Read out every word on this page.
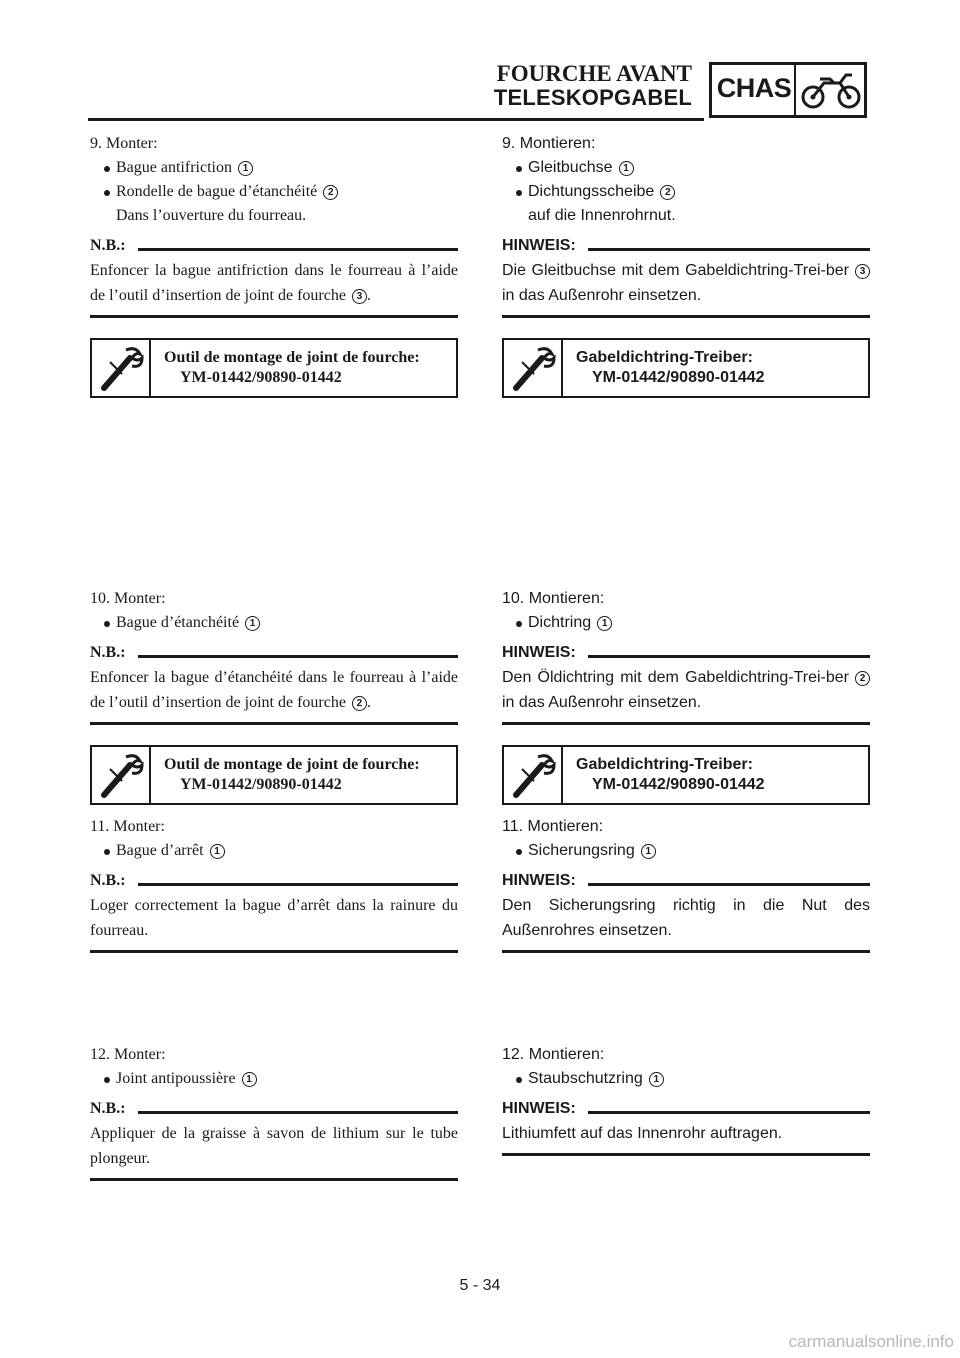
FOURCHE AVANT
TELESKOPGABEL CHAS

9. Monter:

Bague antifriction 1
Rondelle de bague d’étanchéité 2
Dans l’ouverture du fourreau.
N.B.:

Enfoncer la bague antifriction dans le fourreau à l’aide de l’outil d’insertion de joint de fourche 3 .

Outil de montage de joint de fourche:
YM-01442/90890-01442

10. Monter:

Bague d’étanchéité 1
N.B.:

Enfoncer la bague d’étanchéité dans le fourreau à l’aide de l’outil d’insertion de joint de fourche 2 .

Outil de montage de joint de fourche:
YM-01442/90890-01442

11. Monter:

Bague d’arrêt 1
N.B.:

Loger correctement la bague d’arrêt dans la rainure du fourreau.

12. Monter:

Joint antipoussière 1
N.B.:

Appliquer de la graisse à savon de lithium sur le tube plongeur.

9. Montieren:

Gleitbuchse 1
Dichtungsscheibe 2
auf die Innenrohrnut.
HINWEIS:

Die Gleitbuchse mit dem Gabeldichtring-Trei-ber 3 in das Außenrohr einsetzen.

Gabeldichtring-Treiber:
YM-01442/90890-01442

10. Montieren:

Dichtring 1
HINWEIS:

Den Öldichtring mit dem Gabeldichtring-Trei-ber 2 in das Außenrohr einsetzen.

Gabeldichtring-Treiber:
YM-01442/90890-01442

11. Montieren:

Sicherungsring 1
HINWEIS:

Den Sicherungsring richtig in die Nut des Außenrohres einsetzen.

12. Montieren:

Staubschutzring 1
HINWEIS:

Lithiumfett auf das Innenrohr auftragen.

5 - 34
carmanualsonline.info
